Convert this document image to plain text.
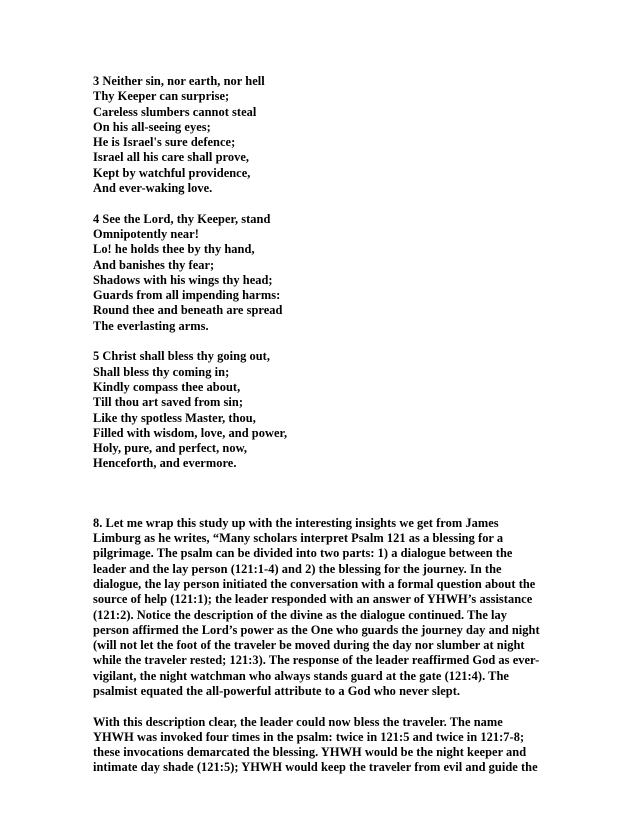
3 Neither sin, nor earth, nor hell
Thy Keeper can surprise;
Careless slumbers cannot steal
On his all-seeing eyes;
He is Israel's sure defence;
Israel all his care shall prove,
Kept by watchful providence,
And ever-waking love.
4 See the Lord, thy Keeper, stand
Omnipotently near!
Lo! he holds thee by thy hand,
And banishes thy fear;
Shadows with his wings thy head;
Guards from all impending harms:
Round thee and beneath are spread
The everlasting arms.
5 Christ shall bless thy going out,
Shall bless thy coming in;
Kindly compass thee about,
Till thou art saved from sin;
Like thy spotless Master, thou,
Filled with wisdom, love, and power,
Holy, pure, and perfect, now,
Henceforth, and evermore.
8. Let me wrap this study up with the interesting insights we get from James
Limburg as he writes, “Many scholars interpret Psalm 121 as a blessing for a
pilgrimage. The psalm can be divided into two parts: 1) a dialogue between the
leader and the lay person (121:1-4) and 2) the blessing for the journey. In the
dialogue, the lay person initiated the conversation with a formal question about the
source of help (121:1); the leader responded with an answer of YHWH’s assistance
(121:2). Notice the description of the divine as the dialogue continued. The lay
person affirmed the Lord’s power as the One who guards the journey day and night
(will not let the foot of the traveler be moved during the day nor slumber at night
while the traveler rested; 121:3). The response of the leader reaffirmed God as ever-
vigilant, the night watchman who always stands guard at the gate (121:4). The
psalmist equated the all-powerful attribute to a God who never slept.
With this description clear, the leader could now bless the traveler. The name
YHWH was invoked four times in the psalm: twice in 121:5 and twice in 121:7-8;
these invocations demarcated the blessing. YHWH would be the night keeper and
intimate day shade (121:5); YHWH would keep the traveler from evil and guide the
